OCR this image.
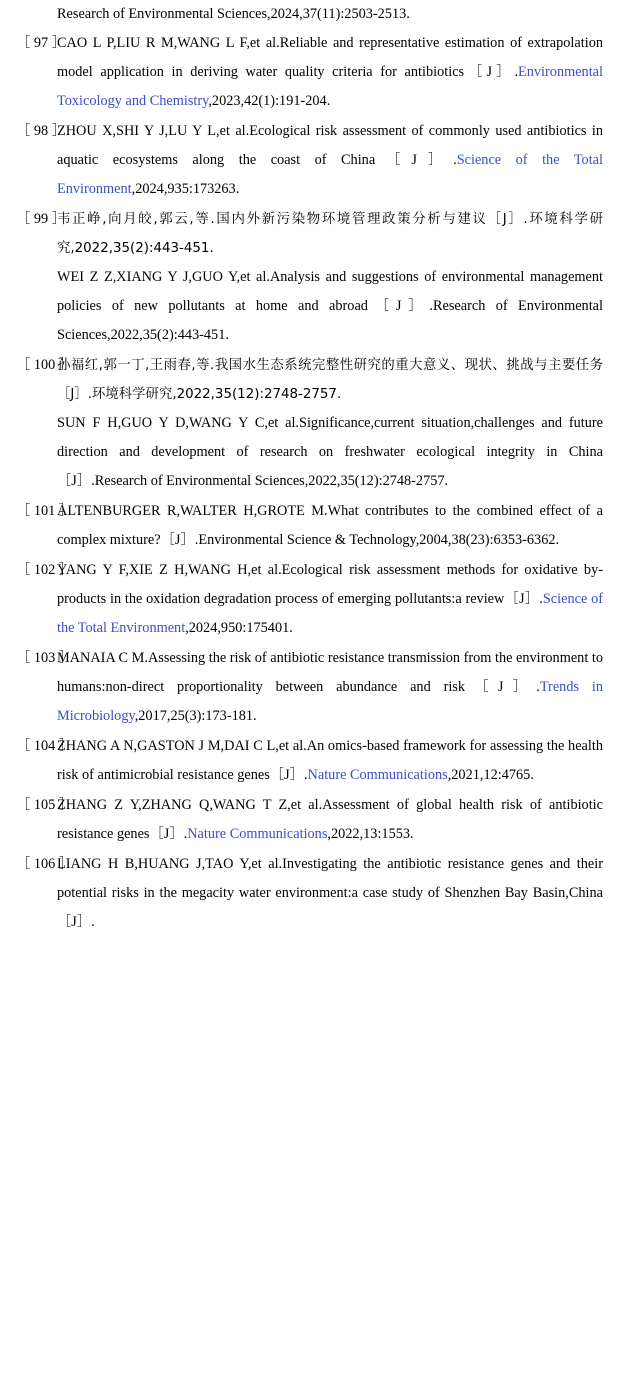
Research of Environmental Sciences,2024,37(11):2503-2513.
［ 97 ］
CAO L P,LIU R M,WANG L F,et al.Reliable and representative estimation of extrapolation model application in deriving water quality criteria for antibiotics［J］.Environmental Toxicology and Chemistry,2023,42(1):191-204.
［ 98 ］
ZHOU X,SHI Y J,LU Y L,et al.Ecological risk assessment of commonly used antibiotics in aquatic ecosystems along the coast of China［J］.Science of the Total Environment,2024,935:173263.
［ 99 ］
韦正峥,向月皎,郭云,等.国内外新污染物环境管理政策分析与建议［J］.环境科学研究,2022,35(2):443-451.
WEI Z Z,XIANG Y J,GUO Y,et al.Analysis and suggestions of environmental management policies of new pollutants at home and abroad［J］.Research of Environmental Sciences,2022,35(2):443-451.
［ 100 ］
孙福红,郭一丁,王雨春,等.我国水生态系统完整性研究的重大意义、现状、挑战与主要任务［J］.环境科学研究,2022,35(12):2748-2757.
SUN F H,GUO Y D,WANG Y C,et al.Significance,current situation,challenges and future direction and development of research on freshwater ecological integrity in China［J］.Research of Environmental Sciences,2022,35(12):2748-2757.
［ 101 ］
ALTENBURGER R,WALTER H,GROTE M.What contributes to the combined effect of a complex mixture?［J］.Environmental Science & Technology,2004,38(23):6353-6362.
［ 102 ］
YANG Y F,XIE Z H,WANG H,et al.Ecological risk assessment methods for oxidative by-products in the oxidation degradation process of emerging pollutants:a review［J］.Science of the Total Environment,2024,950:175401.
［ 103 ］
MANAIA C M.Assessing the risk of antibiotic resistance transmission from the environment to humans:non-direct proportionality between abundance and risk［J］.Trends in Microbiology,2017,25(3):173-181.
［ 104 ］
ZHANG A N,GASTON J M,DAI C L,et al.An omics-based framework for assessing the health risk of antimicrobial resistance genes［J］.Nature Communications,2021,12:4765.
［ 105 ］
ZHANG Z Y,ZHANG Q,WANG T Z,et al.Assessment of global health risk of antibiotic resistance genes［J］.Nature Communications,2022,13:1553.
［ 106 ］
LIANG H B,HUANG J,TAO Y,et al.Investigating the antibiotic resistance genes and their potential risks in the megacity water environment:a case study of Shenzhen Bay Basin,China［J］.
